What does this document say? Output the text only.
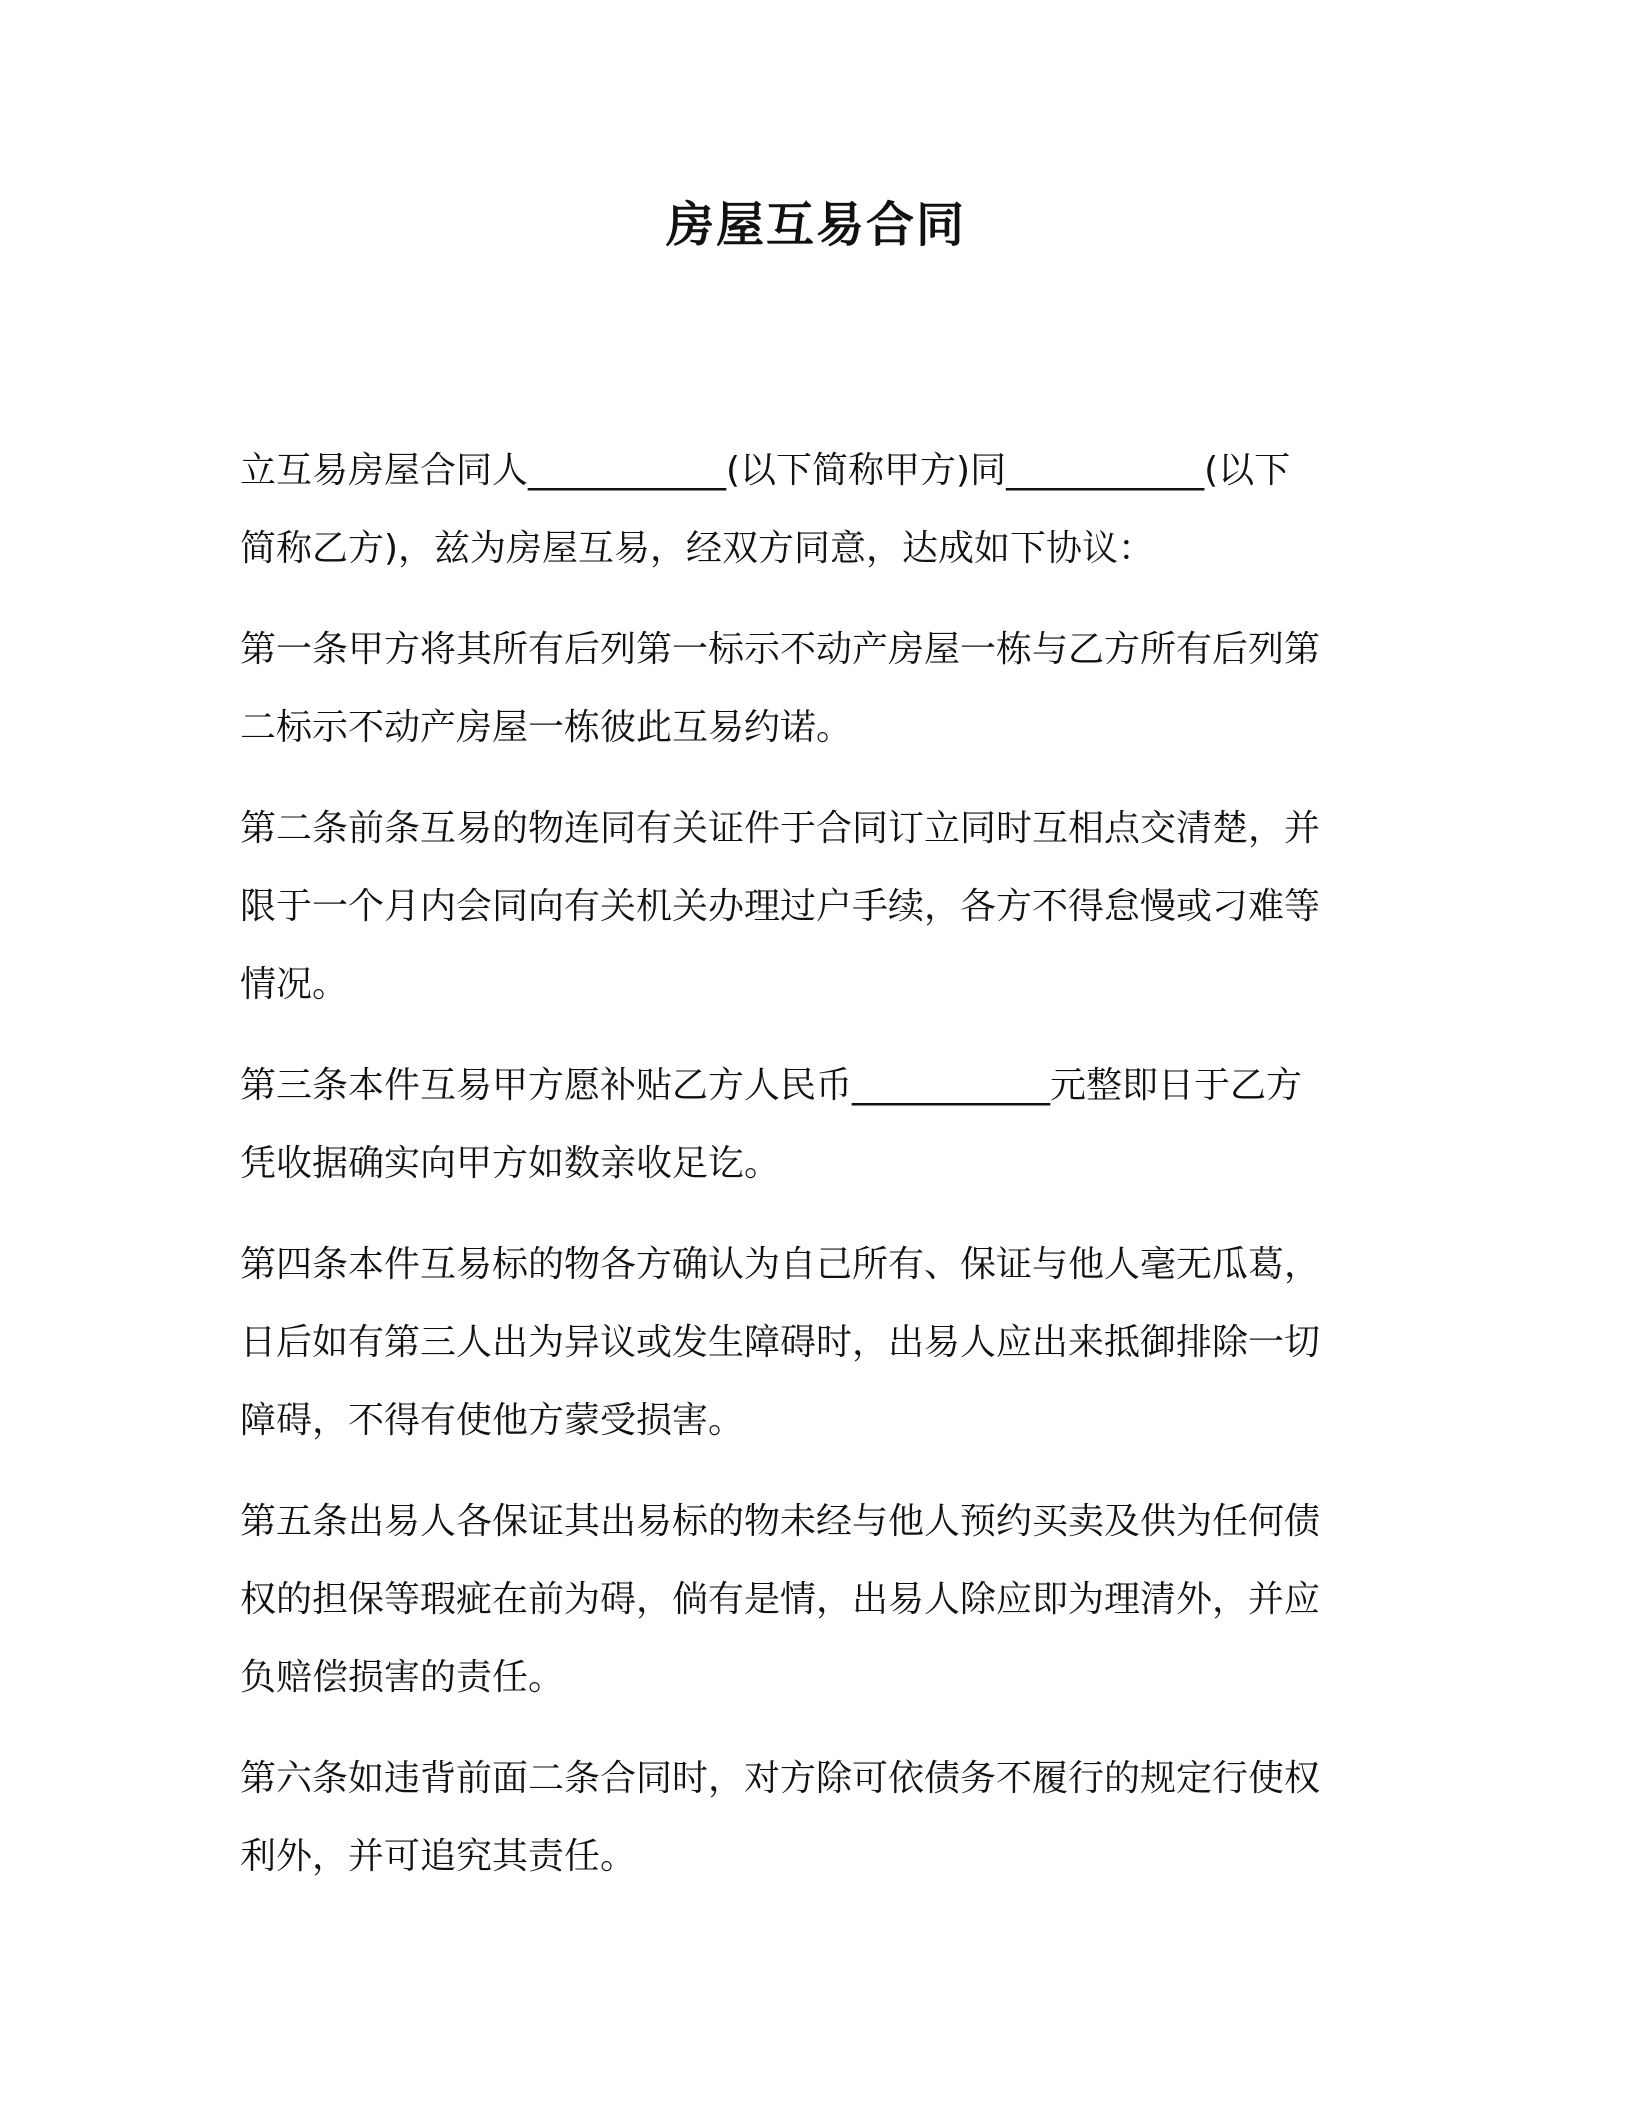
房屋互易合同
立互易房屋合同人___________(以下简称甲方)同___________(以下
简称乙方)，兹为房屋互易，经双方同意，达成如下协议：
第一条甲方将其所有后列第一标示不动产房屋一栋与乙方所有后列第
二标示不动产房屋一栋彼此互易约诺。
第二条前条互易的物连同有关证件于合同订立同时互相点交清楚，并
限于一个月内会同向有关机关办理过户手续，各方不得怠慢或刁难等
情况。
第三条本件互易甲方愿补贴乙方人民币___________元整即日于乙方
凭收据确实向甲方如数亲收足讫。
第四条本件互易标的物各方确认为自己所有、保证与他人毫无瓜葛，
日后如有第三人出为异议或发生障碍时，出易人应出来抵御排除一切
障碍，不得有使他方蒙受损害。
第五条出易人各保证其出易标的物未经与他人预约买卖及供为任何债
权的担保等瑕疵在前为碍，倘有是情，出易人除应即为理清外，并应
负赔偿损害的责任。
第六条如违背前面二条合同时，对方除可依债务不履行的规定行使权
利外，并可追究其责任。
